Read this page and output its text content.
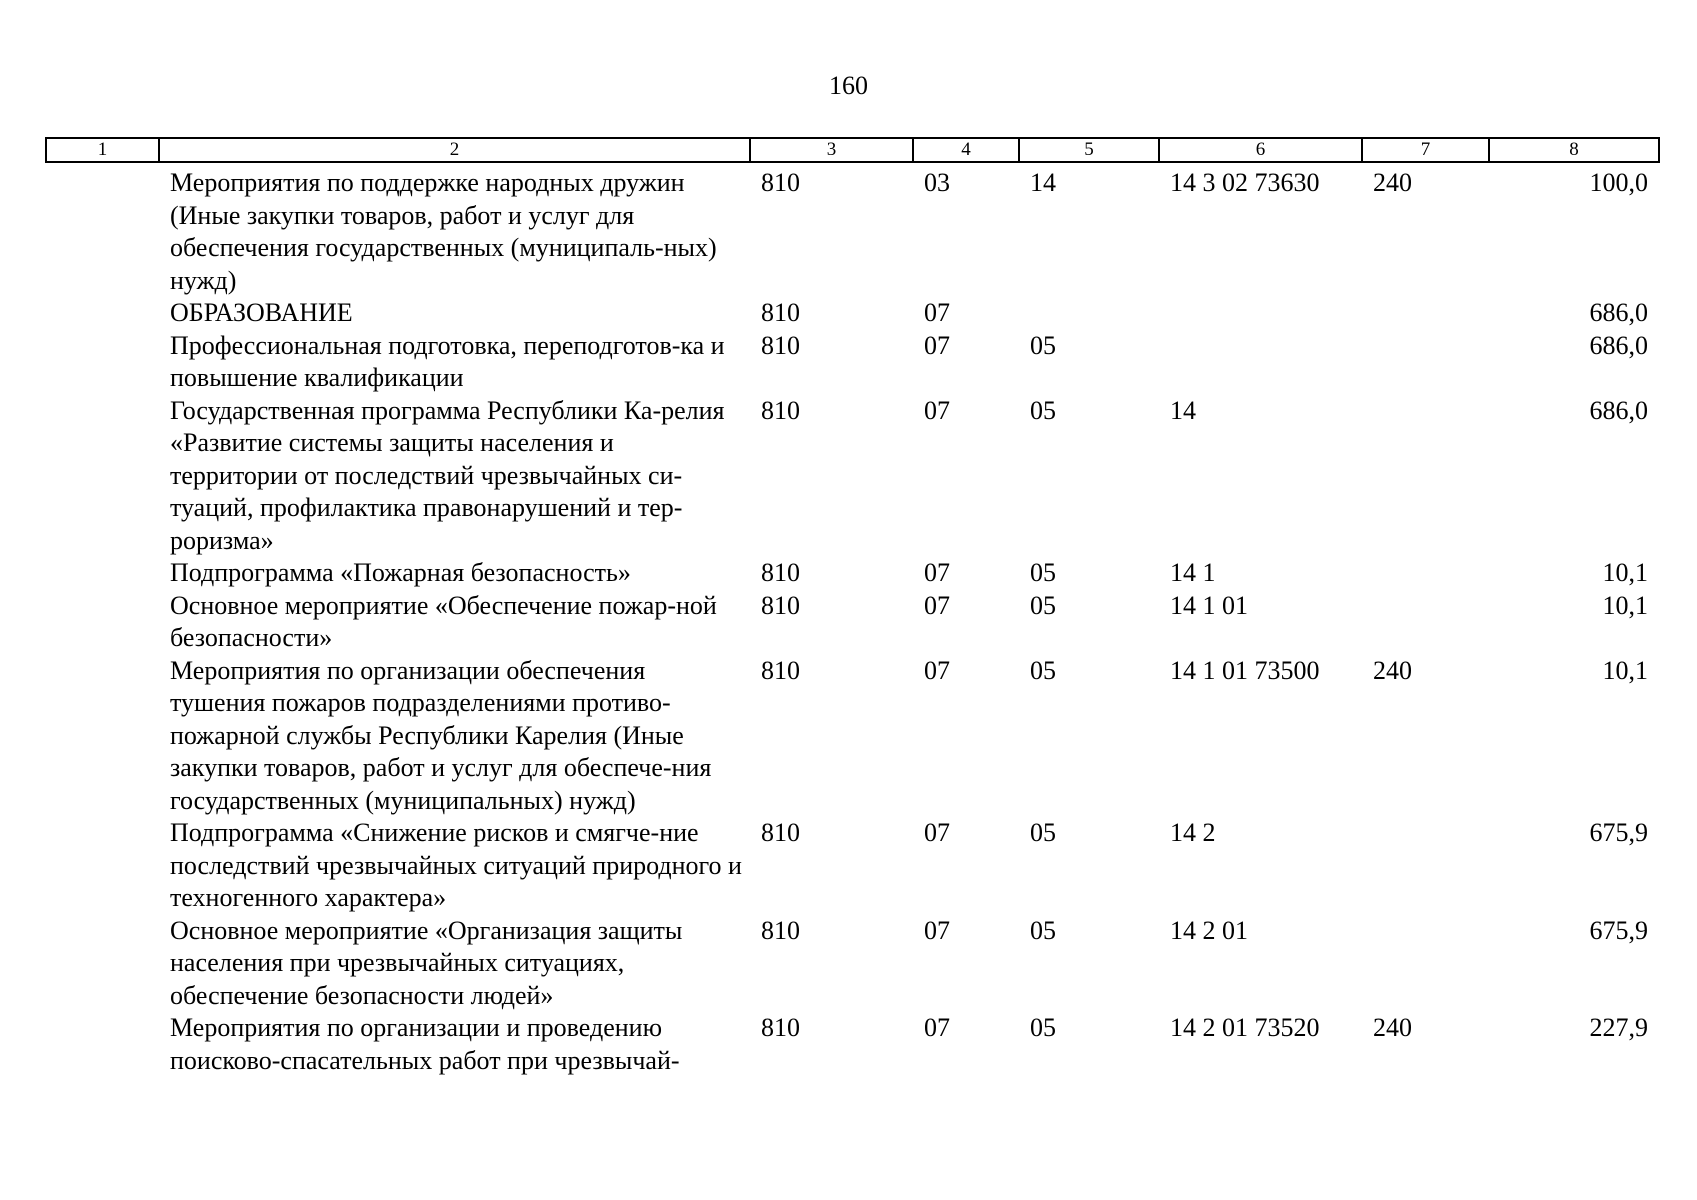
160
1	2	3	4	5	6	7	8
	Мероприятия по поддержке народных дружин (Иные закупки товаров, работ и услуг для обеспечения государственных (муниципаль-ных) нужд)	810	03	14	14 3 02 73630	240	100,0
	ОБРАЗОВАНИЕ	810	07				686,0
	Профессиональная подготовка, переподготов-ка и повышение квалификации	810	07	05			686,0
	Государственная программа Республики Ка-релия «Развитие системы защиты населения и территории от последствий чрезвычайных си-туаций, профилактика правонарушений и тер-роризма»	810	07	05	14		686,0
	Подпрограмма «Пожарная безопасность»	810	07	05	14 1		10,1
	Основное мероприятие «Обеспечение пожар-ной безопасности»	810	07	05	14 1 01		10,1
	Мероприятия по организации обеспечения тушения пожаров подразделениями противо-пожарной службы Республики Карелия (Иные закупки товаров, работ и услуг для обеспече-ния государственных (муниципальных) нужд)	810	07	05	14 1 01 73500	240	10,1
	Подпрограмма «Снижение рисков и смягче-ние последствий чрезвычайных ситуаций природного и техногенного характера»	810	07	05	14 2		675,9
	Основное мероприятие «Организация защиты населения при чрезвычайных ситуациях, обеспечение безопасности людей»	810	07	05	14 2 01		675,9
	Мероприятия по организации и проведению поисково-спасательных работ при чрезвычай-	810	07	05	14 2 01 73520	240	227,9
